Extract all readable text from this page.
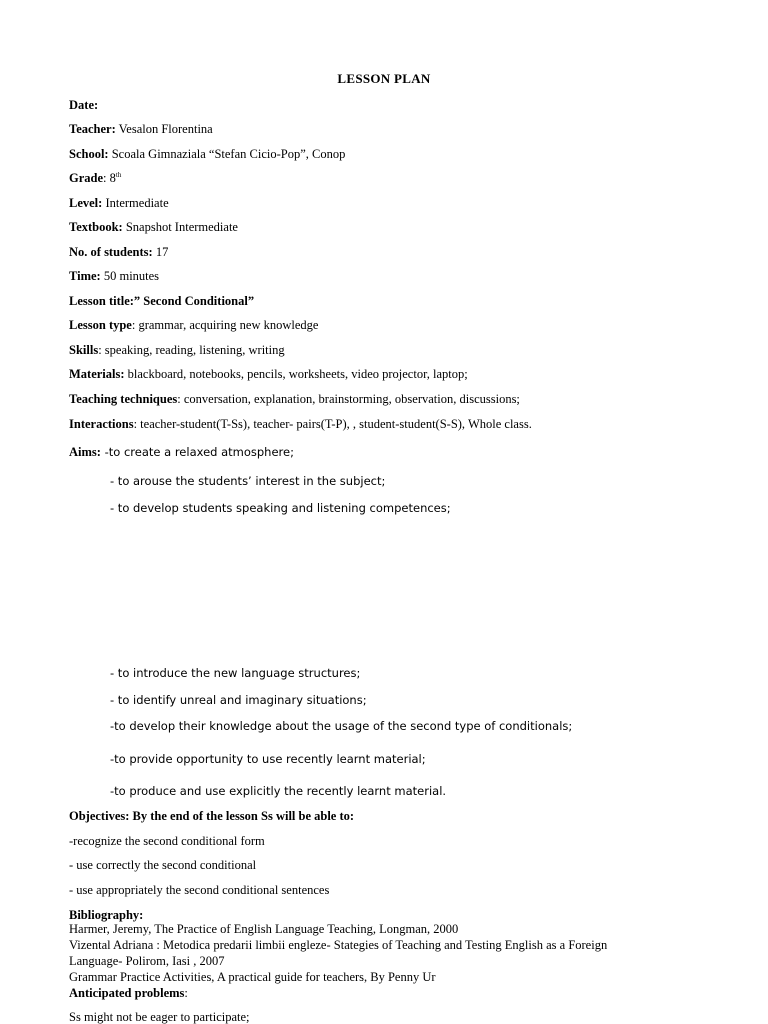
LESSON PLAN
Date:
Teacher: Vesalon Florentina
School: Scoala Gimnaziala “Stefan Cicio-Pop”, Conop
Grade: 8th
Level: Intermediate
Textbook: Snapshot Intermediate
No. of students: 17
Time: 50 minutes
Lesson title:” Second Conditional”
Lesson type: grammar, acquiring new knowledge
Skills: speaking, reading, listening, writing
Materials: blackboard, notebooks, pencils, worksheets, video projector, laptop;
Teaching techniques: conversation, explanation, brainstorming, observation, discussions;
Interactions: teacher-student(T-Ss), teacher- pairs(T-P), , student-student(S-S), Whole class.
Aims: -to create a relaxed atmosphere;
- to arouse the students’ interest in the subject;
- to develop students speaking and listening competences;
- to introduce the new language structures;
- to identify unreal and imaginary situations;
-to develop their knowledge about the usage of the second type of conditionals;
-to provide opportunity to use recently learnt material;
-to produce and use explicitly the recently learnt material.
Objectives: By the end of the lesson Ss will be able to:
-recognize the second conditional form
- use correctly the second conditional
- use appropriately the second conditional sentences
Bibliography:
Harmer, Jeremy, The Practice of English Language Teaching, Longman, 2000
Vizental Adriana : Metodica predarii limbii engleze- Stategies of Teaching and Testing English as a Foreign
Language- Polirom, Iasi , 2007
Grammar Practice Activities, A practical guide for teachers, By Penny Ur
Anticipated problems:
Ss might not be eager to participate;
